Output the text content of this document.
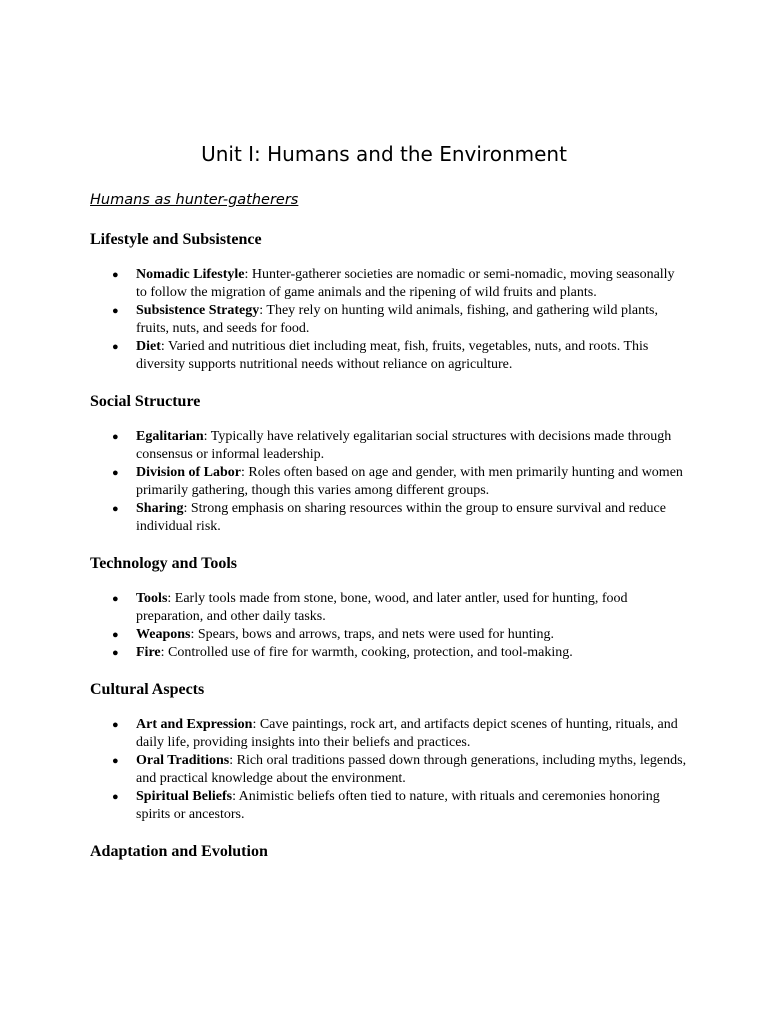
Unit I: Humans and the Environment
Humans as hunter-gatherers
Lifestyle and Subsistence
● Nomadic Lifestyle: Hunter-gatherer societies are nomadic or semi-nomadic, moving seasonally to follow the migration of game animals and the ripening of wild fruits and plants.
● Subsistence Strategy: They rely on hunting wild animals, fishing, and gathering wild plants, fruits, nuts, and seeds for food.
● Diet: Varied and nutritious diet including meat, fish, fruits, vegetables, nuts, and roots. This diversity supports nutritional needs without reliance on agriculture.
Social Structure
● Egalitarian: Typically have relatively egalitarian social structures with decisions made through consensus or informal leadership.
● Division of Labor: Roles often based on age and gender, with men primarily hunting and women primarily gathering, though this varies among different groups.
● Sharing: Strong emphasis on sharing resources within the group to ensure survival and reduce individual risk.
Technology and Tools
● Tools: Early tools made from stone, bone, wood, and later antler, used for hunting, food preparation, and other daily tasks.
● Weapons: Spears, bows and arrows, traps, and nets were used for hunting.
● Fire: Controlled use of fire for warmth, cooking, protection, and tool-making.
Cultural Aspects
● Art and Expression: Cave paintings, rock art, and artifacts depict scenes of hunting, rituals, and daily life, providing insights into their beliefs and practices.
● Oral Traditions: Rich oral traditions passed down through generations, including myths, legends, and practical knowledge about the environment.
● Spiritual Beliefs: Animistic beliefs often tied to nature, with rituals and ceremonies honoring spirits or ancestors.
Adaptation and Evolution
